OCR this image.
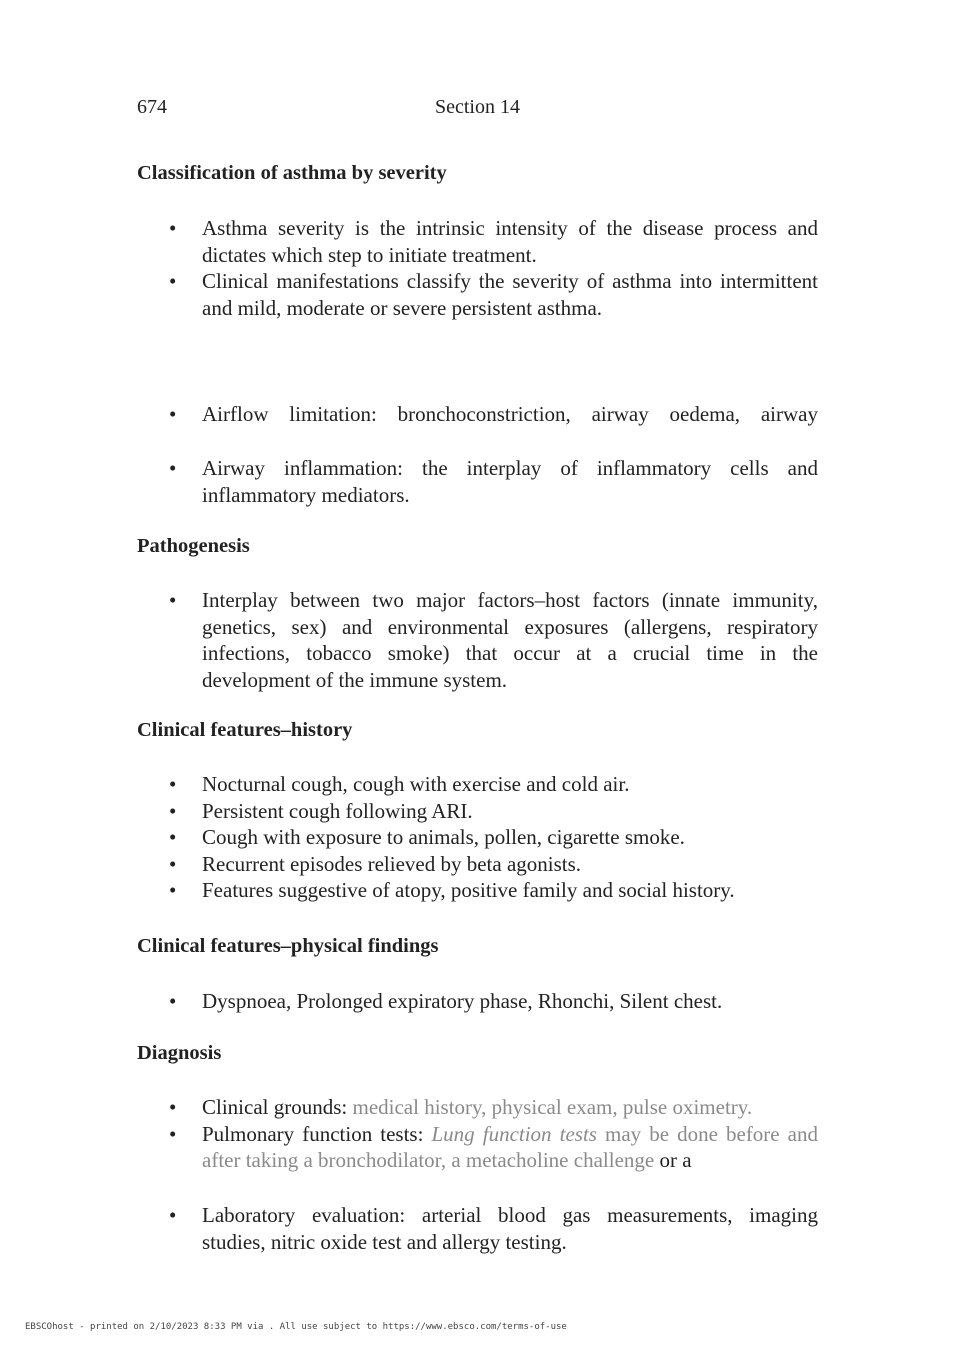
674	Section 14
Classification of asthma by severity
• Asthma severity is the intrinsic intensity of the disease process and dictates which step to initiate treatment.
• Clinical manifestations classify the severity of asthma into intermittent and mild, moderate or severe persistent asthma.
• Airflow limitation: bronchoconstriction, airway oedema, airway
• Airway inflammation: the interplay of inflammatory cells and inflammatory mediators.
Pathogenesis
• Interplay between two major factors–host factors (innate immunity, genetics, sex) and environmental exposures (allergens, respiratory infections, tobacco smoke) that occur at a crucial time in the development of the immune system.
Clinical features–history
• Nocturnal cough, cough with exercise and cold air.
• Persistent cough following ARI.
• Cough with exposure to animals, pollen, cigarette smoke.
• Recurrent episodes relieved by beta agonists.
• Features suggestive of atopy, positive family and social history.
Clinical features–physical findings
• Dyspnoea, Prolonged expiratory phase, Rhonchi, Silent chest.
Diagnosis
• Clinical grounds: medical history, physical exam, pulse oximetry.
• Pulmonary function tests: Lung function tests may be done before and after taking a bronchodilator, a metacholine challenge or a
• Laboratory evaluation: arterial blood gas measurements, imaging studies, nitric oxide test and allergy testing.
EBSCOhost - printed on 2/10/2023 8:33 PM via . All use subject to https://www.ebsco.com/terms-of-use
